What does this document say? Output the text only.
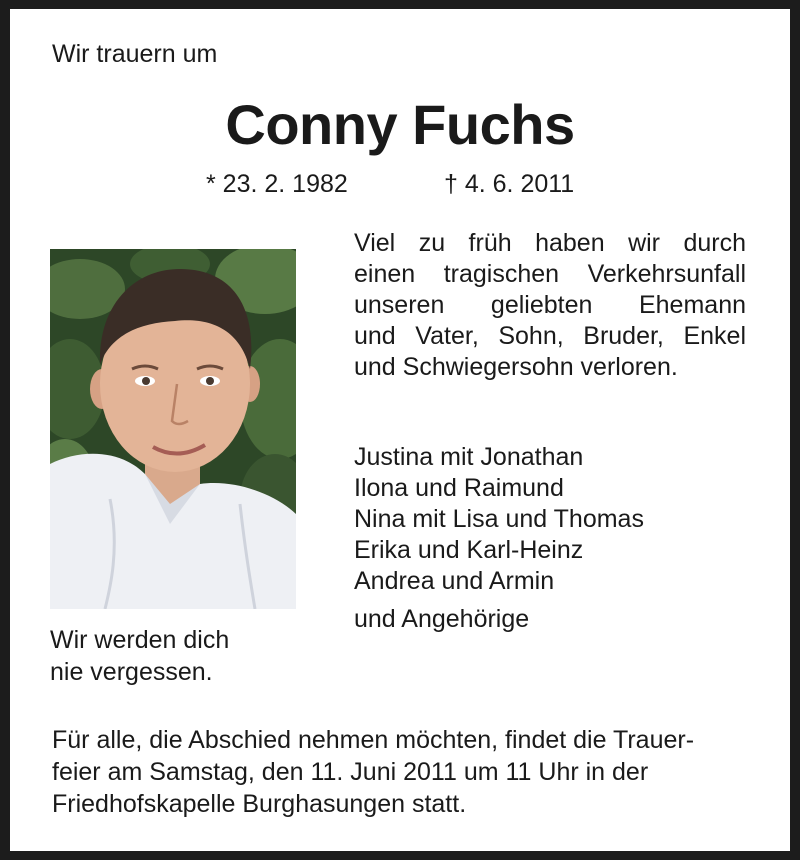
Wir trauern um
Conny Fuchs
* 23. 2. 1982	† 4. 6. 2011
Viel zu früh haben wir durch
einen tragischen Verkehrsunfall
unseren geliebten Ehemann
und Vater, Sohn, Bruder, Enkel
und Schwiegersohn verloren.
Justina mit Jonathan
Ilona und Raimund
Nina mit Lisa und Thomas
Erika und Karl-Heinz
Andrea und Armin
und Angehörige
Wir werden dich
nie vergessen.
Für alle, die Abschied nehmen möchten, findet die Trauer-
feier am Samstag, den 11. Juni 2011 um 11 Uhr in der
Friedhofskapelle Burghasungen statt.
